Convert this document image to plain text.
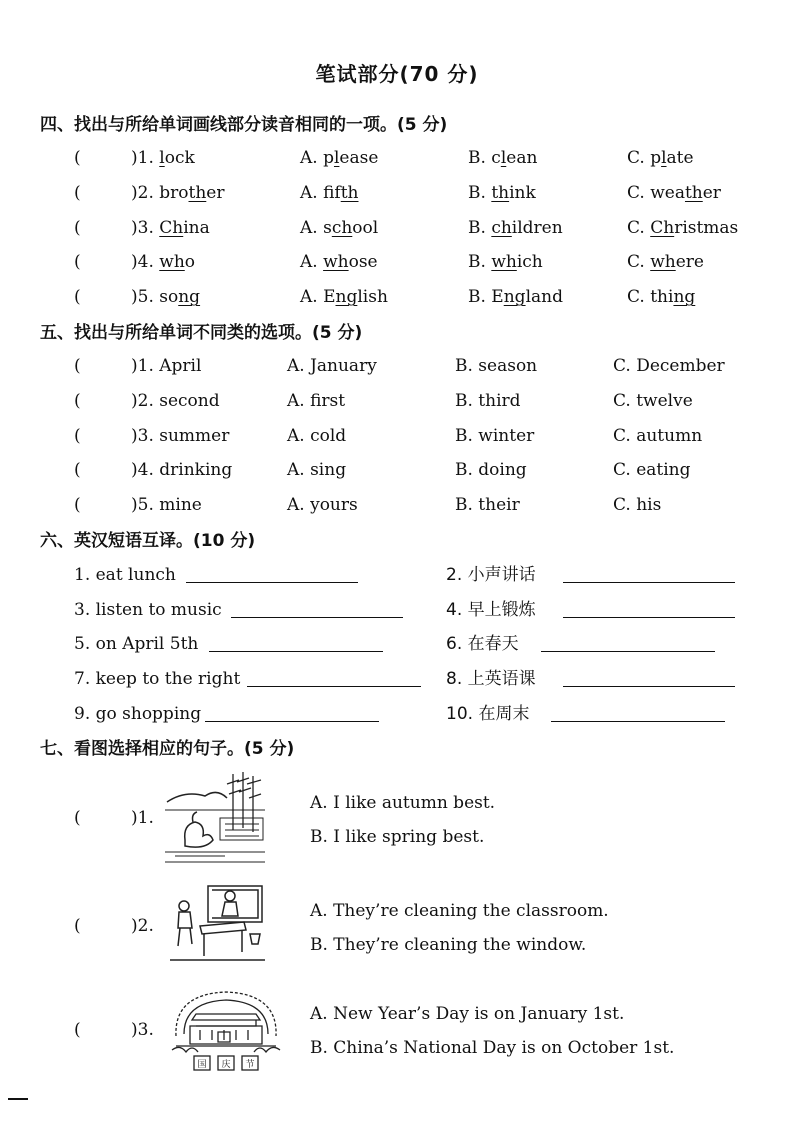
笔试部分(70 分)
四、找出与所给单词画线部分读音相同的一项。(5 分)
(	)1. lock	A. please	B. clean	C. plate
(	)2. brother	A. fifth	B. think	C. weather
(	)3. China	A. school	B. children	C. Christmas
(	)4. who	A. whose	B. which	C. where
(	)5. song	A. English	B. England	C. thing
五、找出与所给单词不同类的选项。(5 分)
(	)1. April	A. January	B. season	C. December
(	)2. second	A. first	B. third	C. twelve
(	)3. summer	A. cold	B. winter	C. autumn
(	)4. drinking	A. sing	B. doing	C. eating
(	)5. mine	A. yours	B. their	C. his
六、英汉短语互译。(10 分)
1. eat lunch	2. 小声讲话
3. listen to music	4. 早上锻炼
5. on April 5th	6. 在春天
7. keep to the right	8. 上英语课
9. go shopping	10. 在周末
七、看图选择相应的句子。(5 分)
(	)1.
A. I like autumn best.
B. I like spring best.
(	)2.
A. They’re cleaning the classroom.
B. They’re cleaning the window.
(	)3.
A. New Year’s Day is on January 1st.
B. China’s National Day is on October 1st.
国 庆 节
